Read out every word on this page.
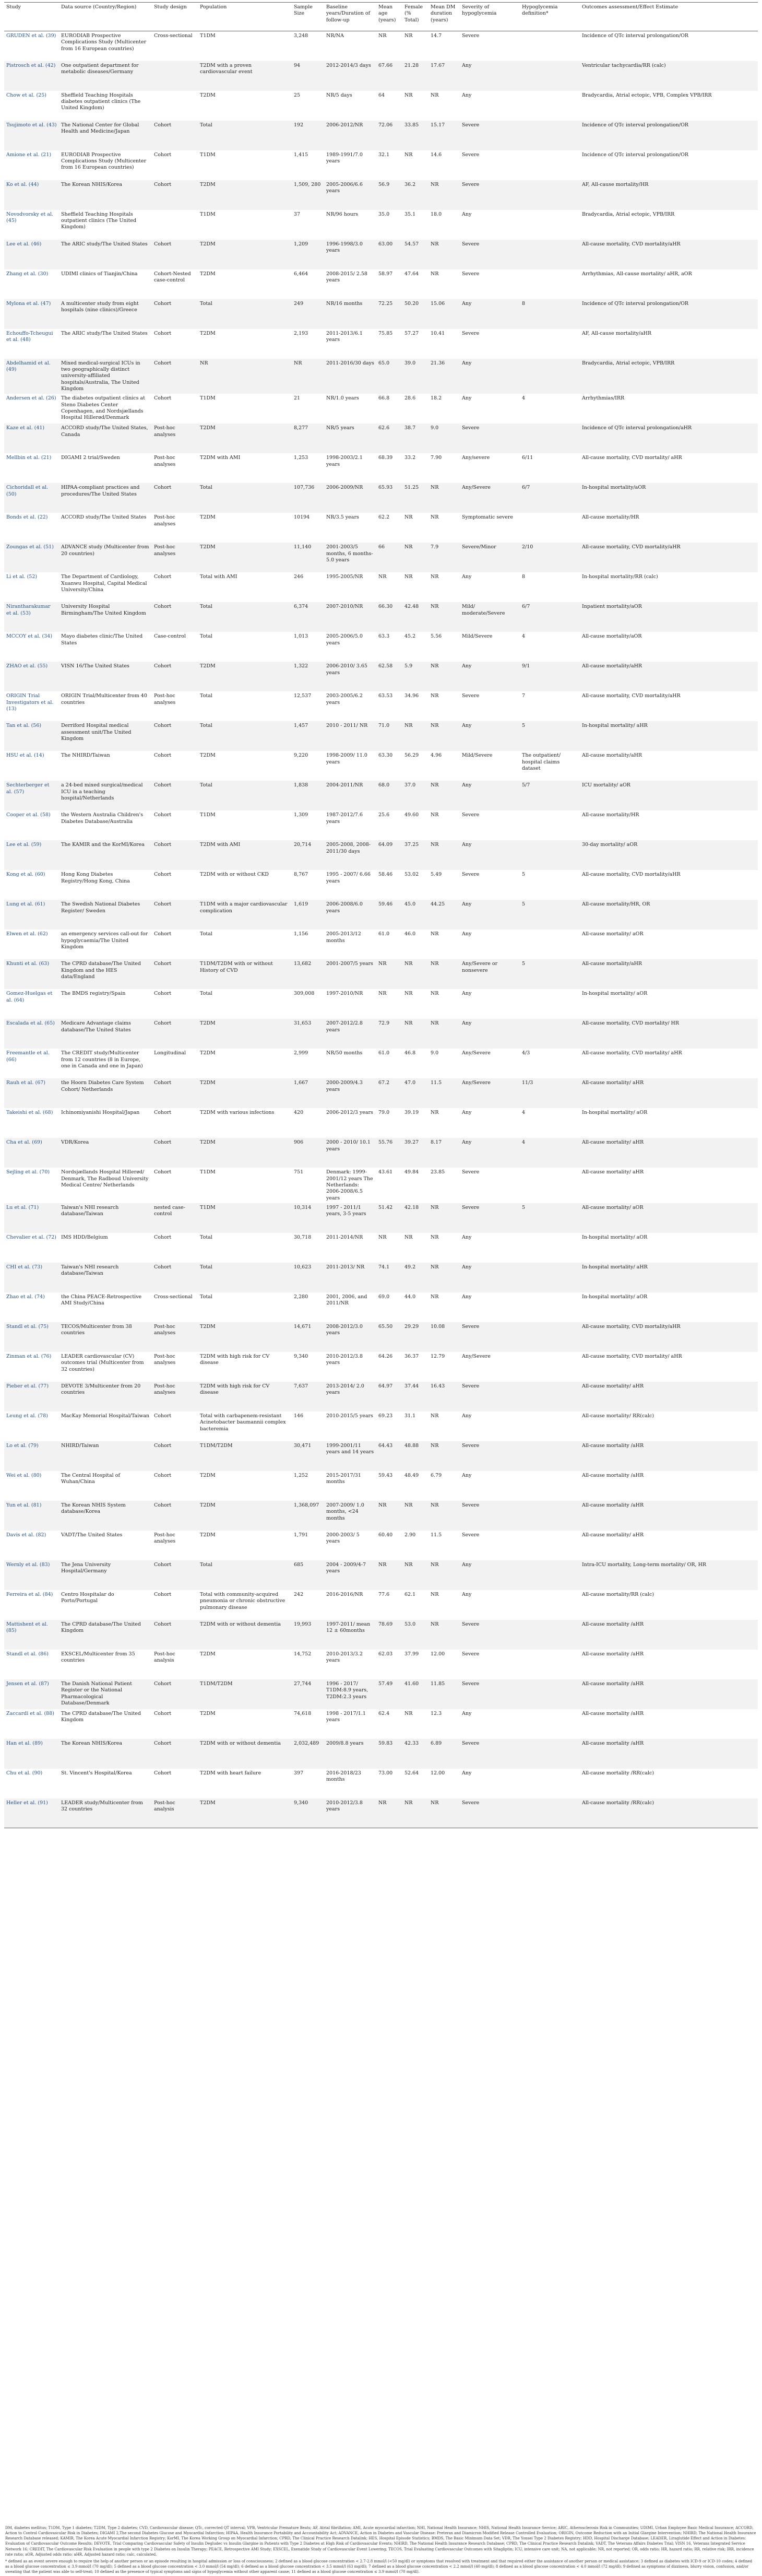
Study	Data source (Country/Region)	Study design	Population	Sample Size	Baseline years/Duration of follow-up	Mean age (years)	Female (% Total)	Mean DM duration (years)	Severity of hypoglycemia	Hypoglycemia definition*	Outcomes assessment/Effect Estimate
GRUDEN et al. (39)	EURODIAB Prospective Complications Study (Multicenter from 16 European countries)	Cross-sectional	T1DM	3,248	NR/NA	NR	NR	14.7	Severe		Incidence of QTc interval prolongation/OR
Pistrosch et al. (42)	One outpatient department for metabolic diseases/Germany		T2DM with a proven cardiovascular event	94	2012-2014/3 days	67.66	21.28	17.67	Any		Ventricular tachycardia/RR (calc)
Chow et al. (25)	Sheffield Teaching Hospitals diabetes outpatient clinics (The United Kingdom)		T2DM	25	NR/5 days	64	NR	NR	Any		Bradycardia, Atrial ectopic, VPB, Complex VPB/IRR
Tsujimoto et al. (43)	The National Center for Global Health and Medicine/Japan	Cohort	Total	192	2006-2012/NR	72.06	33.85	15.17	Severe		Incidence of QTc interval prolongation/OR
Amione et al. (21)	EURODIAB Prospective Complications Study (Multicenter from 16 European countries)	Cohort	T1DM	1,415	1989-1991/7.0 years	32.1	NR	14.6	Severe		Incidence of QTc interval prolongation/OR
Ko et al. (44)	The Korean NHIS/Korea	Cohort	T2DM	1,509, 280	2005-2006/6.6 years	56.9	36.2	NR	Severe		AF, All-cause mortality/HR
Novodvorsky et al. (45)	Sheffield Teaching Hospitals outpatient clinics (The United Kingdom)		T1DM	37	NR/96 hours	35.0	35.1	18.0	Any		Bradycardia, Atrial ectopic, VPB/IRR
Lee et al. (46)	The ARIC study/The United States	Cohort	T2DM	1,209	1996-1998/3.0 years	63.00	54.57	NR	Severe		All-cause mortality, CVD mortality/aHR
Zhang et al. (30)	UDIMI clinics of Tianjin/China	Cohort-Nested case-control	T2DM	6,464	2008-2015/ 2.58 years	58.97	47.64	NR	Severe		Arrhythmias, All-cause mortality/ aHR, aOR
Mylona et al. (47)	A multicenter study from eight hospitals (nine clinics)/Greece	Cohort	Total	249	NR/16 months	72.25	50.20	15.06	Any	8	Incidence of QTc interval prolongation/OR
Echouffo-Tcheugui et al. (48)	The ARIC study/The United States	Cohort	T2DM	2,193	2011-2013/6.1 years	75.85	57.27	10.41	Severe		AF, All-cause mortality/aHR
Abdelhamid et al. (49)	Mixed medical-surgical ICUs in two geographically distinct university-affiliated hospitals/Australia, The United Kingdom	Cohort	NR	NR	2011-2016/30 days	65.0	39.0	21.36	Any		Bradycardia, Atrial ectopic, VPB/IRR
Andersen et al. (26)	The diabetes outpatient clinics at Steno Diabetes Center Copenhagen, and Nordsjællands Hospital Hillerød/Denmark	Cohort	T1DM	21	NR/1.0 years	66.8	28.6	18.2	Any	4	Arrhythmias/IRR
Kaze et al. (41)	ACCORD study/The United States, Canada	Post-hoc analyses	T2DM	8,277	NR/5 years	62.6	38.7	9.0	Severe		Incidence of QTc interval prolongation/aHR
Mellbin et al. (21)	DIGAMI 2 trial/Sweden	Post-hoc analyses	T2DM with AMI	1,253	1998-2003/2.1 years	68.39	33.2	7.90	Any/severe	6/11	All-cause mortality, CVD mortality/ aHR
Cichoridall et al. (50)	HIPAA-compliant practices and procedures/The United States	Cohort	Total	107,736	2006-2009/NR	65.93	51.25	NR	Any/Severe	6/7	In-hospital mortality/aOR
Bonds et al. (22)	ACCORD study/The United States	Post-hoc analyses	T2DM	10194	NR/3.5 years	62.2	NR	NR	Symptomatic severe		All-cause mortality/HR
Zoungas et al. (51)	ADVANCE study (Multicenter from 20 countries)	Post-hoc analyses	T2DM	11,140	2001-2003/5 months, 6 months-5.0 years	66	NR	7.9	Severe/Minor	2/10	All-cause mortality, CVD mortality/aHR
Li et al. (52)	The Department of Cardiology, Xuanwu Hospital, Capital Medical University/China	Cohort	Total with AMI	246	1995-2005/NR	NR	NR	NR	Any	8	In-hospital mortality/RR (calc)
Nirantharakumar et al. (53)	University Hospital Birmingham/The United Kingdom	Cohort	Total	6,374	2007-2010/NR	66.30	42.48	NR	Mild/ moderate/Severe	6/7	Inpatient mortality/aOR
MCCOY et al. (34)	Mayo diabetes clinic/The United States	Case-control	Total	1,013	2005-2006/5.0 years	63.3	45.2	5.56	Mild/Severe	4	All-cause mortality/aOR
ZHAO et al. (55)	VISN 16/The United States	Cohort	T2DM	1,322	2006-2010/ 3.65 years	62.58	5.9	NR	Any	9/1	All-cause mortality/aHR
ORIGIN Trial Investigators et al. (13)	ORIGIN Trial/Multicenter from 40 countries	Post-hoc analyses	Total	12,537	2003-2005/6.2 years	63.53	34.96	NR	Severe	7	All-cause mortality, CVD mortality/aHR
Tan et al. (56)	Derriford Hospital medical assessment unit/The United Kingdom	Cohort	Total	1,457	2010 - 2011/ NR	71.0	NR	NR	Any	5	In-hospital mortality/ aHR
HSU et al. (14)	The NHIRD/Taiwan	Cohort	T2DM	9,220	1998-2009/ 11.0 years	63.30	56.29	4.96	Mild/Severe	The outpatient/ hospital claims dataset	All-cause mortality/aHR
Sechterberger et al. (57)	a 24-bed mixed surgical/medical ICU in a teaching hospital/Netherlands	Cohort	Total	1,838	2004-2011/NR	68.0	37.0	NR	Any	5/7	ICU mortality/ aOR
Cooper et al. (58)	the Western Australia Children's Diabetes Database/Australia	Cohort	T1DM	1,309	1987-2012/7.6 years	25.6	49.60	NR	Severe		All-cause mortality/HR
Lee et al. (59)	The KAMIR and the KorMI/Korea	Cohort	T2DM with AMI	20,714	2005-2008, 2008-2011/30 days	64.09	37.25	NR	Any		30-day mortality/ aOR
Kong et al. (60)	Hong Kong Diabetes Registry/Hong Kong, China	Cohort	T2DM with or without CKD	8,767	1995 - 2007/ 6.66 years	58.46	53.02	5.49	Severe	5	All-cause mortality, CVD mortality/aHR
Lung et al. (61)	The Swedish National Diabetes Register/ Sweden	Cohort	T1DM with a major cardiovascular complication	1,619	2006-2008/6.0 years	59.46	45.0	44.25	Any	5	All-cause mortality/HR, OR
Elwen et al. (62)	an emergency services call-out for hypoglycaemia/The United Kingdom	Cohort	Total	1,156	2005-2013/12 months	61.0	46.0	NR	Any		All-cause mortality/ aOR
Khunti et al. (63)	The CPRD database/The United Kingdom and the HES data/England	Cohort	T1DM/T2DM with or without History of CVD	13,682	2001-2007/5 years	NR	NR	NR	Any/Severe or nonsevere	5	All-cause mortality/aHR
Gomez-Huelgas et al. (64)	The BMDS registry/Spain	Cohort	Total	309,008	1997-2010/NR	NR	NR	NR	Any		In-hospital mortality/ aOR
Escalada et al. (65)	Medicare Advantage claims database/The United States	Cohort	T2DM	31,653	2007-2012/2.8 years	72.9	NR	NR	Any		All-cause mortality, CVD mortality/ HR
Freemantle et al. (66)	The CREDIT study/Multicenter from 12 countries (8 in Europe, one in Canada and one in Japan)	Longitudinal	T2DM	2,999	NR/50 months	61.0	46.8	9.0	Any/Severe	4/3	All-cause mortality, CVD mortality/ aHR
Rauh et al. (67)	the Hoorn Diabetes Care System Cohort/ Netherlands	Cohort	T2DM	1,667	2000-2009/4.3 years	67.2	47.0	11.5	Any/Severe	11/3	All-cause mortality/ aHR
Takeishi et al. (68)	Ichinomiyanishi Hospital/Japan	Cohort	T2DM with various infections	420	2006-2012/3 years	79.0	39.19	NR	Any	4	In-hospital mortality/ aOR
Cha et al. (69)	VDR/Korea	Cohort	T2DM	906	2000 - 2010/ 10.1 years	55.76	39.27	8.17	Any	4	All-cause mortality/ aHR
Sejling et al. (70)	Nordsjællands Hospital Hillerød/ Denmark, The Radboud University Medical Centre/ Netherlands	Cohort	T1DM	751	Denmark: 1999-2001/12 years The Netherlands: 2006-2008/6.5 years	43.61	49.84	23.85	Severe		All-cause mortality/ aHR
Lu et al. (71)	Taiwan's NHI research database/Taiwan	nested case-control	T1DM	10,314	1997 - 2011/1 years, 3-5 years	51.42	42.18	NR	Severe	5	All-cause mortality/ aOR
Chevalier et al. (72)	IMS HDD/Belgium	Cohort	Total	30,718	2011-2014/NR	NR	NR	NR	Any		In-hospital mortality/ aOR
CHI et al. (73)	Taiwan's NHI research database/Taiwan	Cohort	Total	10,623	2011-2013/ NR	74.1	49.2	NR	Any		In-hospital mortality/ aHR
Zhao et al. (74)	the China PEACE-Retrospective AMI Study/China	Cross-sectional	Total	2,280	2001, 2006, and 2011/NR	69.0	44.0	NR	Any		In-hospital mortality/ aOR
Standl et al. (75)	TECOS/Multicenter from 38 countries	Post-hoc analyses	T2DM	14,671	2008-2012/3.0 years	65.50	29.29	10.08	Severe		All-cause mortality, CVD mortality/aHR
Zinman et al. (76)	LEADER cardiovascular (CV) outcomes trial (Multicenter from 32 countries)	Post-hoc analyses	T2DM with high risk for CV disease	9,340	2010-2012/3.8 years	64.26	36.37	12.79	Any/Severe		All-cause mortality, CVD mortality/ aHR
Pieber et al. (77)	DEVOTE 3/Multicenter from 20 countries	Post-hoc analyses	T2DM with high risk for CV disease	7,637	2013-2014/ 2.0 years	64.97	37.44	16.43	Severe		All-cause mortality/ aHR
Leung et al. (78)	MacKay Memorial Hospital/Taiwan	Cohort	Total with carbapenem-resistant Acinetobacter baumannii complex bacteremia	146	2010-2015/5 years	69.23	31.1	NR	Any		All-cause mortality/ RR(calc)
Lo et al. (79)	NHIRD/Taiwan	Cohort	T1DM/T2DM	30,471	1999-2001/11 years and 14 years	64.43	48.88	NR	Severe		All-cause mortality /aHR
Wei et al. (80)	The Central Hospital of Wuhan/China	Cohort	T2DM	1,252	2015-2017/31 months	59.43	48.49	6.79	Any		All-cause mortality /aHR
Yun et al. (81)	The Korean NHIS System database/Korea	Cohort	T2DM	1,368,097	2007-2009/ 1.0 months, <24 months	NR	NR	NR	Severe		All-cause mortality /aHR
Davis et al. (82)	VADT/The United States	Post-hoc analyses	T2DM	1,791	2000-2003/ 5 years	60.40	2.90	11.5	Severe		All-cause mortality/ aHR
Wernly et al. (83)	The Jena University Hospital/Germany	Cohort	Total	685	2004 - 2009/4-7 years	NR	NR	NR	Any		Intra-ICU mortality, Long-term mortality/ OR, HR
Ferreira et al. (84)	Centro Hospitalar do Porto/Portugal	Cohort	Total with community-acquired pneumonia or chronic obstructive pulmonary disease	242	2016-2016/NR	77.6	62.1	NR	Any		All-cause mortality/RR (calc)
Mattishent et al. (85)	The CPRD database/The United Kingdom	Cohort	T2DM with or without dementia	19,993	1997-2011/ mean 12 ± 60months	78.69	53.0	NR	Severe		All-cause mortality /aHR
Standl et al. (86)	EXSCEL/Multicenter from 35 countries	Post-hoc analysis	T2DM	14,752	2010-2013/3.2 years	62.03	37.99	12.00	Severe		All-cause mortality /aHR
Jensen et al. (87)	The Danish National Patient Register or the National Pharmacological Database/Denmark	Cohort	T1DM/T2DM	27,744	1996 - 2017/ T1DM:8.9 years, T2DM:2.3 years	57.49	41.60	11.85	Severe		All-cause mortality /aHR
Zaccardi et al. (88)	The CPRD database/The United Kingdom	Cohort	T2DM	74,618	1998 - 2017/1.1 years	62.4	NR	12.3	Any		All-cause mortality /aHR
Han et al. (89)	The Korean NHIS/Korea	Cohort	T2DM with or without dementia	2,032,489	2009/8.8 years	59.83	42.33	6.89	Severe		All-cause mortality /aHR
Chu et al. (90)	St. Vincent's Hospital/Korea	Cohort	T2DM with heart failure	397	2016-2018/23 months	73.00	52.64	12.00	Any		All-cause mortality /RR(calc)
Heller et al. (91)	LEADER study/Multicenter from 32 countries	Post-hoc analysis	T2DM	9,340	2010-2012/3.8 years	NR	NR	NR	Severe		All-cause mortality /RR(calc)

DM, diabetes mellitus; T1DM, Type 1 diabetes; T2DM, Type 2 diabetes; CVD, Cardiovascular disease; QTc, corrected QT interval; VPB, Ventricular Premature Beats; AF, Atrial fibrillation; AMI, Acute myocardial infarction; NHI, National Health Insurance; NHIS, National Health Insurance Service; ARIC, Atherosclerosis Risk in Communities; UDIMI, Urban Employee Basic Medical Insurance; ACCORD, Action to Control Cardiovascular Risk in Diabetes; DIGAMI 2,The second Diabetes Glucose and Myocardial Infarction; HIPAA, Health Insurance Portability and Accountability Act; ADVANCE, Action in Diabetes and Vascular Disease: Preterax and Diamicron Modified Release Controlled Evaluation; ORIGIN, Outcome Reduction with an Initial Glargine Intervention; NHIRD, The National Health Insurance Research Database released; KAMIR, The Korea Acute Myocardial Infarction Registry; KorMI, The Korea Working Group on Myocardial Infarction; CPRD, The Clinical Practice Research Datalink; HES, Hospital Episode Statistics; BMDS, The Basic Minimum Data Set; VDR, The Yonsei Type 2 Diabetes Registry; HDD, Hospital Discharge Database; LEADER, Liraglutide Effect and Action in Diabetes: Evaluation of Cardiovascular Outcome Results; DEVOTE, Trial Comparing Cardiovascular Safety of Insulin Degludec vs Insulin Glargine in Patients with Type 2 Diabetes at High Risk of Cardiovascular Events; NHIRD, The National Health Insurance Research Database; CPRD, The Clinical Practice Research Datalink; VADT, The Veterans Affairs Diabetes Trial; VISN 16, Veterans Integrated Service Network 16; CREDIT, The Cardiovascular Risk Evaluation in people with type 2 Diabetes on Insulin Therapy; PEACE, Retrospective AMI Study; EXSCEL, Exenatide Study of Cardiovascular Event Lowering; TECOS, Trial Evaluating Cardiovascular Outcomes with Sitagliptin; ICU, intensive care unit; NA, not applicable; NR, not reported; OR, odds ratio; HR, hazard ratio; RR, relative risk; IRR, incidence rate ratio; aOR, Adjusted odds ratio; aHR, Adjusted hazard ratio; calc, calculated.

* defined as an event severe enough to require the help of another person or an episode resulting in hospital admission or loss of consciousness; 2 defined as a blood glucose concentration < 2.7-2.8 mmol/l (<50 mg/dl) or symptoms that resolved with treatment and that required either the assistance of another person or medical assistance; 3 defined as diabetes with ICD-9 or ICD-10 codes; 4 defined as a blood glucose concentration ≤ 3.9 mmol/l (70 mg/dl); 5 defined as a blood glucose concentration < 3.0 mmol/l (54 mg/dl); 6 defined as a blood glucose concentration < 3.5 mmol/l (63 mg/dl); 7 defined as a blood glucose concentration < 2.2 mmol/l (40 mg/dl); 8 defined as a blood glucose concentration < 4.0 mmol/l (72 mg/dl); 9 defined as symptoms of dizziness, blurry vision, confusion, and/or sweating that the patient was able to self-treat; 10 defined as the presence of typical symptoms and signs of hypoglycemia without other apparent cause; 11 defined as a blood glucose concentration ≤ 3.9 mmol/l (70 mg/dl).
